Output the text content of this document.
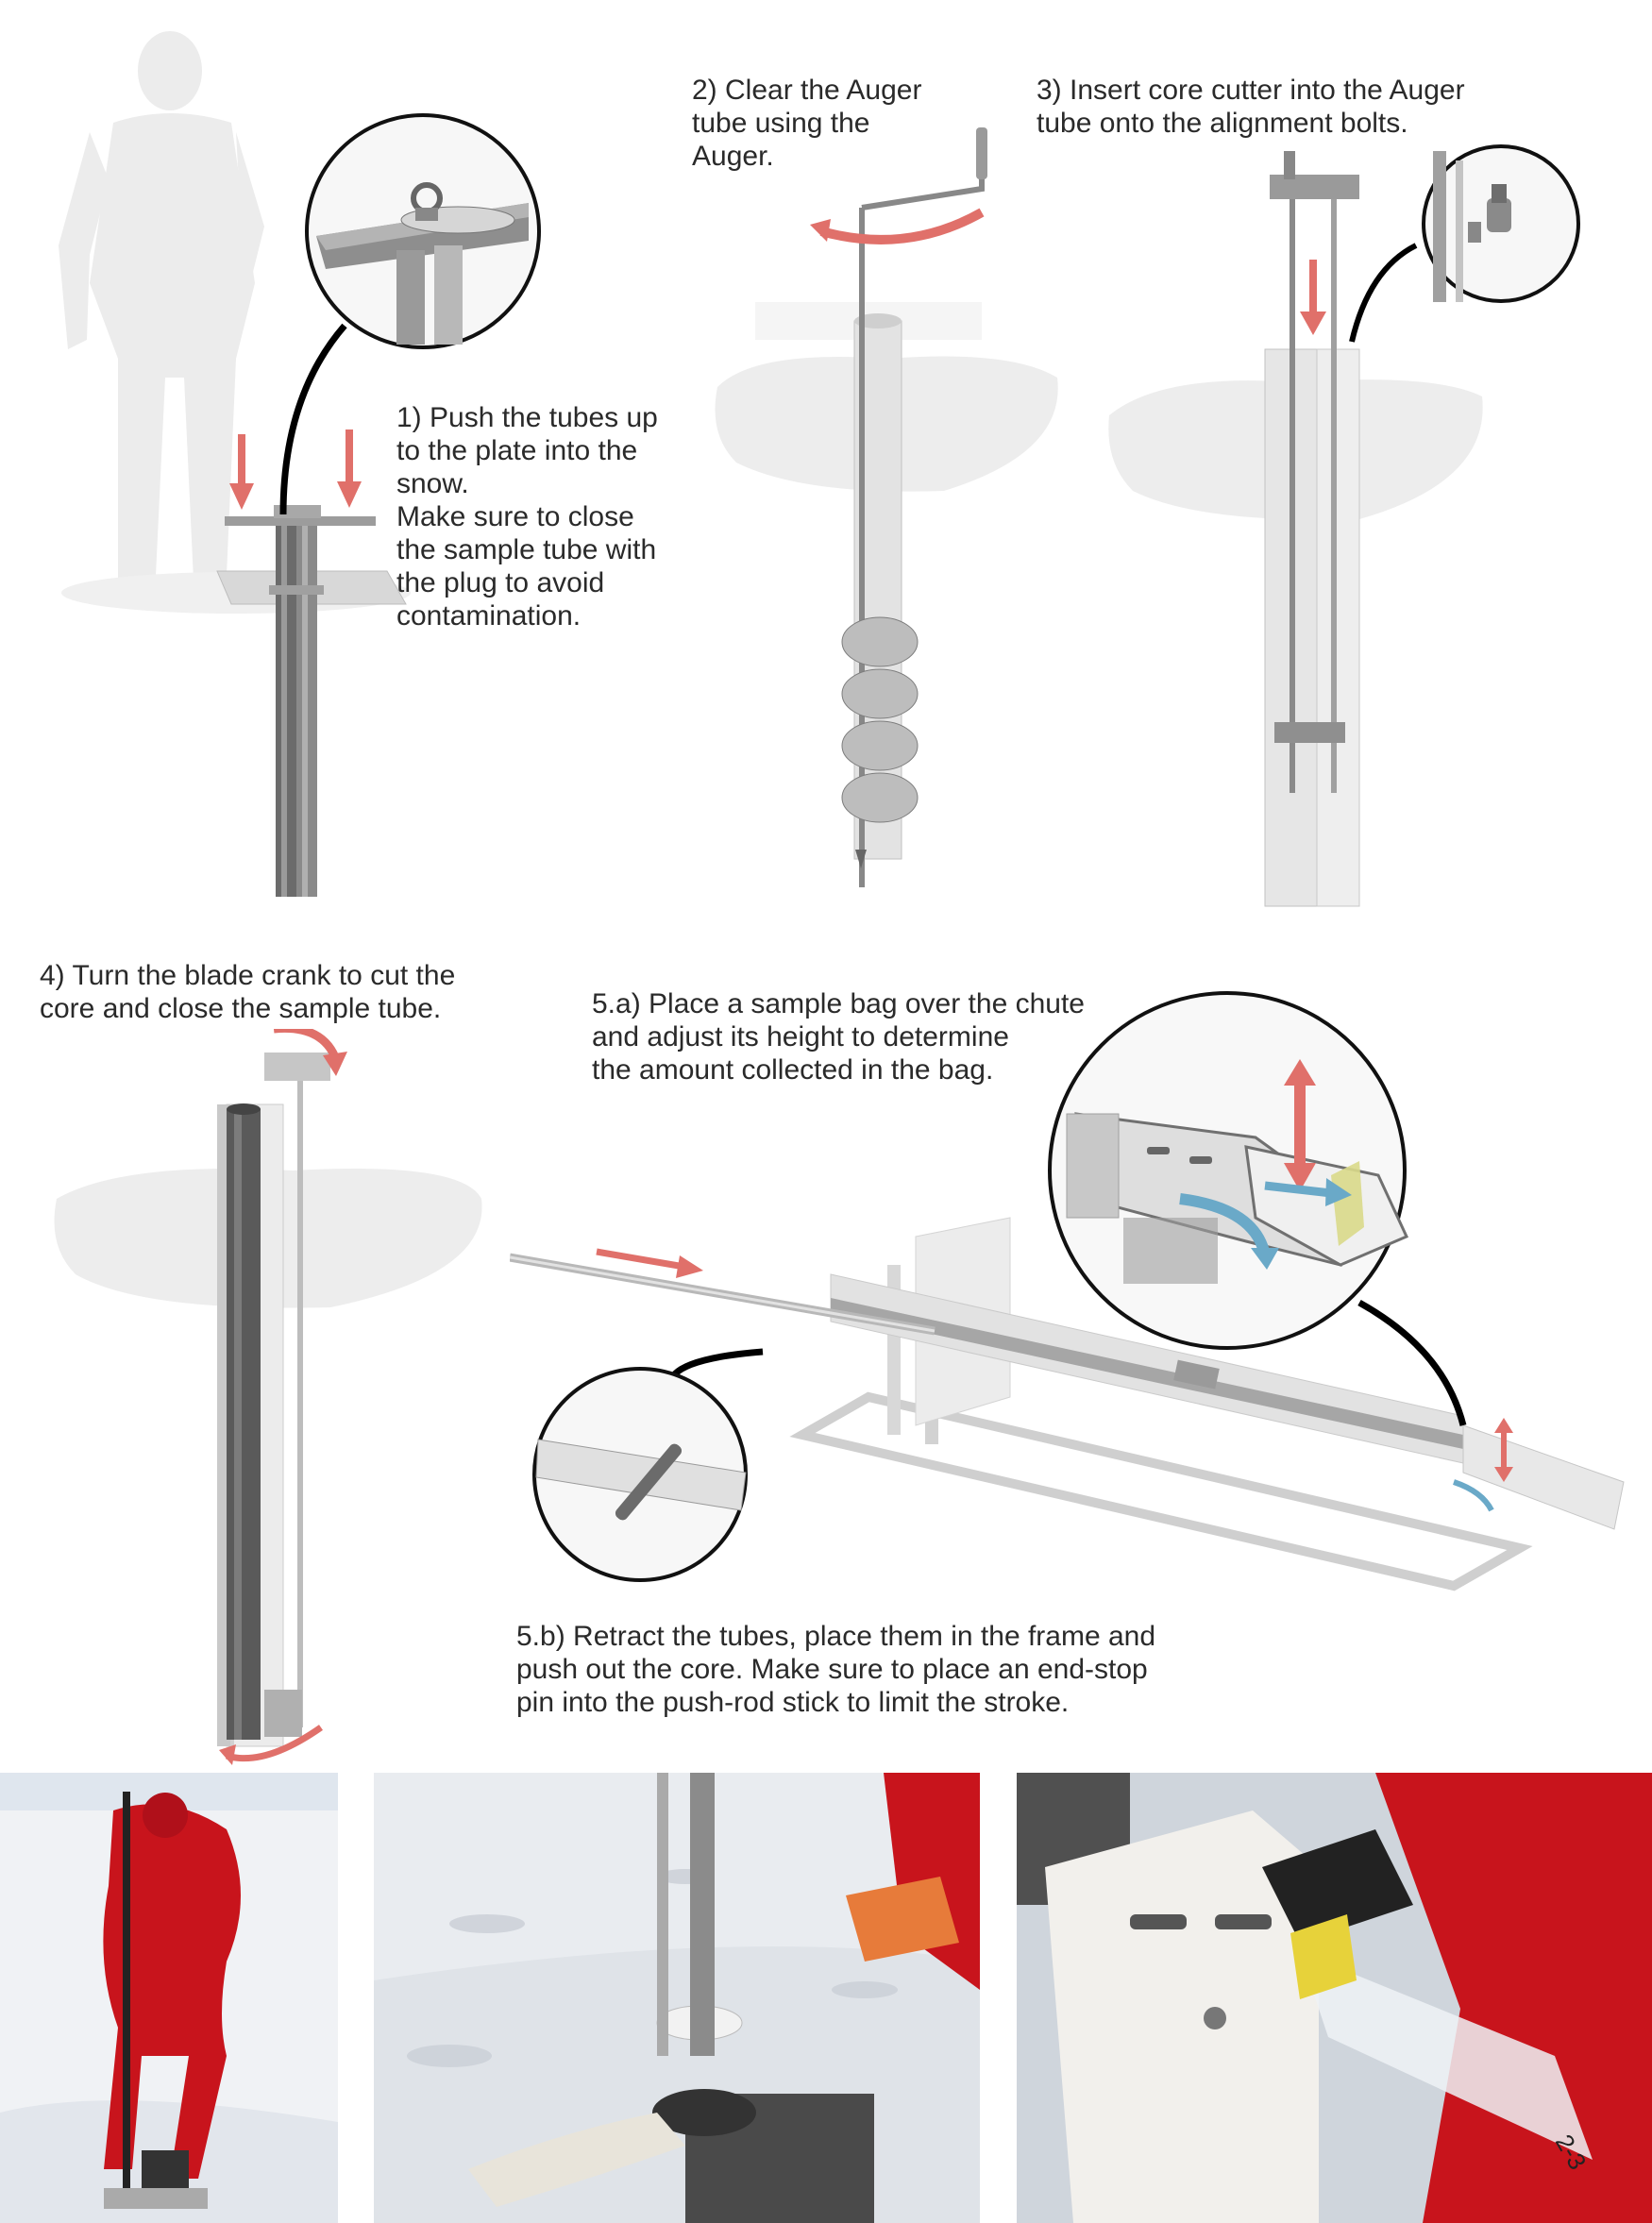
1) Push the tubes up
to the plate into the
snow.
Make sure to close
the sample tube with
the plug to avoid
contamination.
2) Clear the Auger
tube using the
Auger.
3) Insert core cutter into the Auger
tube onto the alignment bolts.
4) Turn the blade crank to cut the
core and close the sample tube.	5.a) Place a sample bag over the chute
and adjust its height to determine
the amount collected in the bag.
5.b) Retract the tubes, place them in the frame and
push out the core. Make sure to place an end-stop
pin into the push-rod stick to limit the stroke.
2-3
